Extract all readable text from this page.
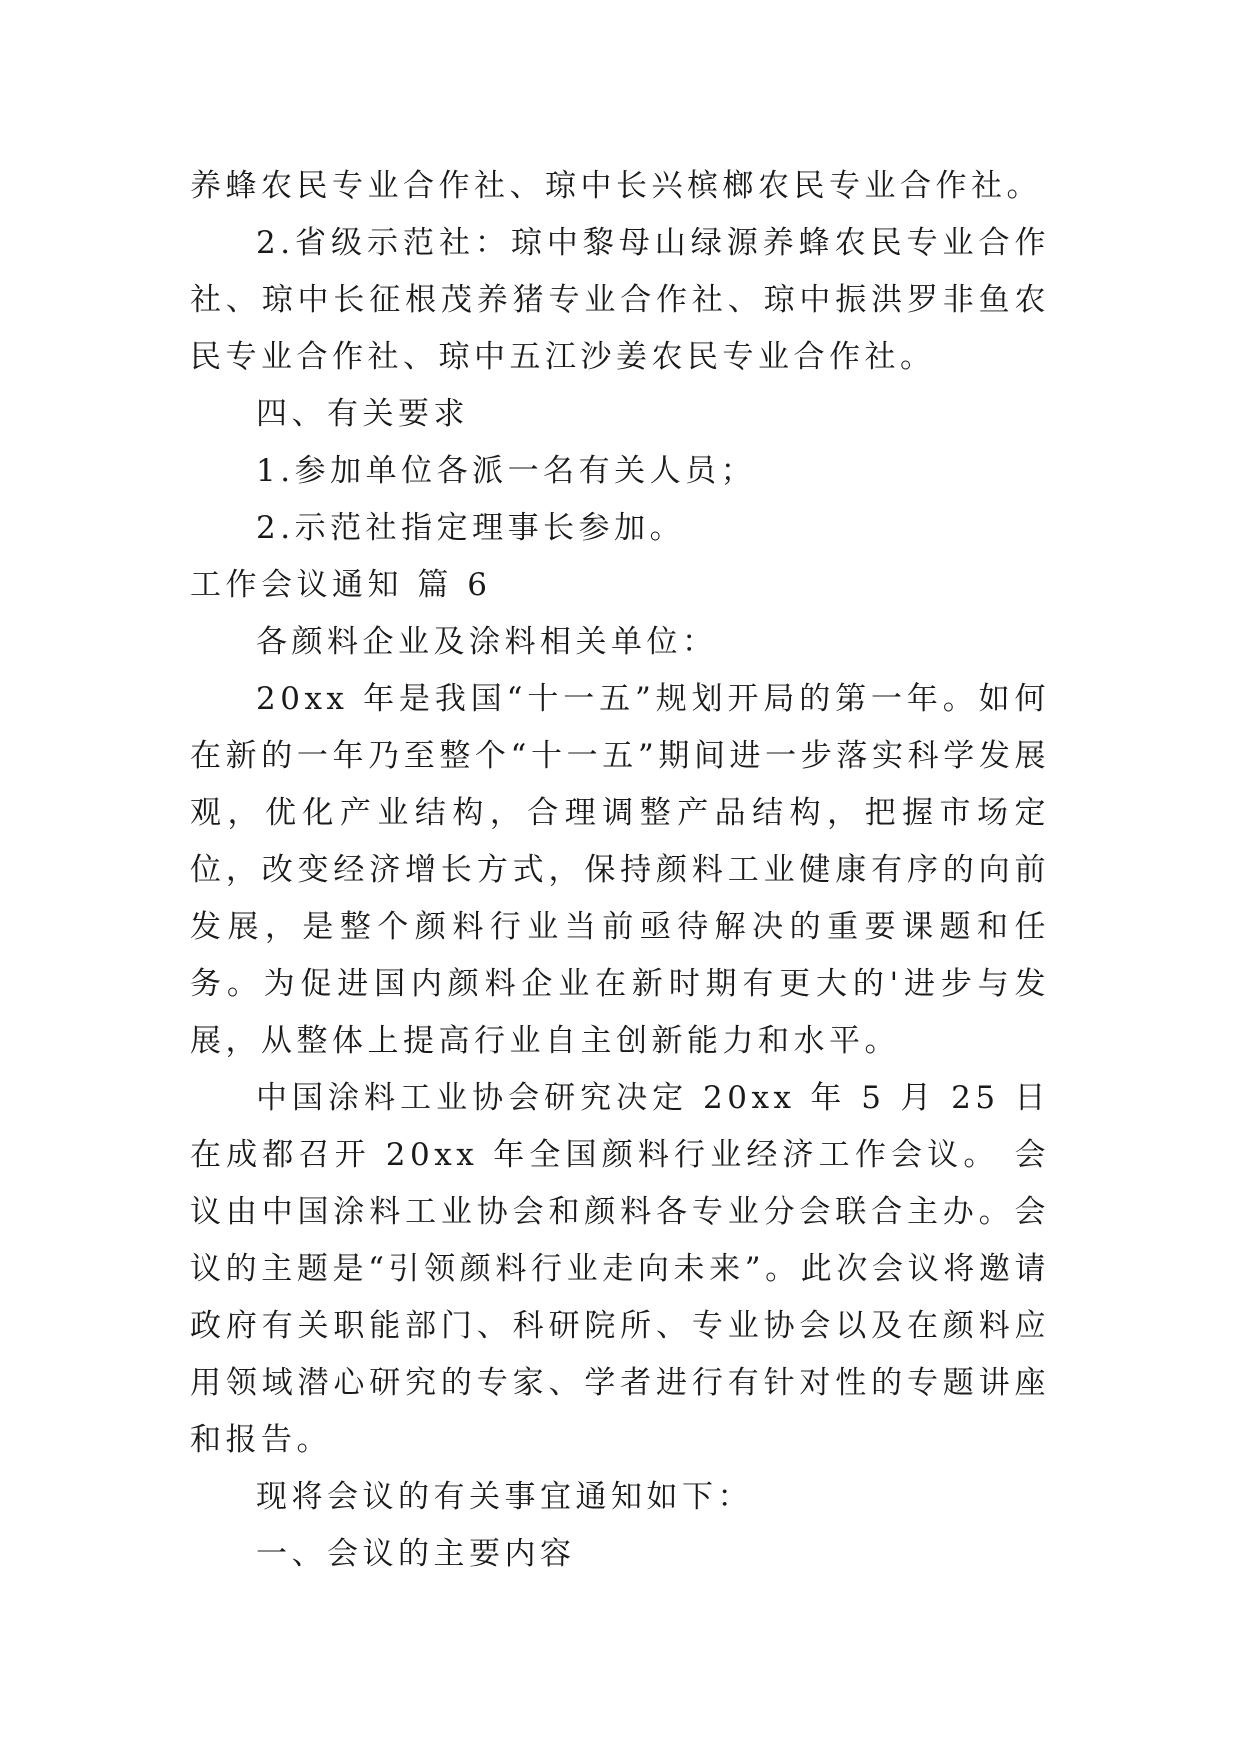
养蜂农民专业合作社、琼中长兴槟榔农民专业合作社。

2.省级示范社：琼中黎母山绿源养蜂农民专业合作社、琼中长征根茂养猪专业合作社、琼中振洪罗非鱼农民专业合作社、琼中五江沙姜农民专业合作社。

四、有关要求

1.参加单位各派一名有关人员；

2.示范社指定理事长参加。

工作会议通知 篇 6

各颜料企业及涂料相关单位：

20xx 年是我国“十一五”规划开局的第一年。如何在新的一年乃至整个“十一五”期间进一步落实科学发展观，优化产业结构，合理调整产品结构，把握市场定位，改变经济增长方式，保持颜料工业健康有序的向前发展，是整个颜料行业当前亟待解决的重要课题和任务。为促进国内颜料企业在新时期有更大的'进步与发展，从整体上提高行业自主创新能力和水平。

中国涂料工业协会研究决定 20xx 年 5 月 25 日在成都召开 20xx 年全国颜料行业经济工作会议。 会议由中国涂料工业协会和颜料各专业分会联合主办。会议的主题是“引领颜料行业走向未来”。此次会议将邀请政府有关职能部门、科研院所、专业协会以及在颜料应用领域潜心研究的专家、学者进行有针对性的专题讲座和报告。

现将会议的有关事宜通知如下：

一、会议的主要内容
